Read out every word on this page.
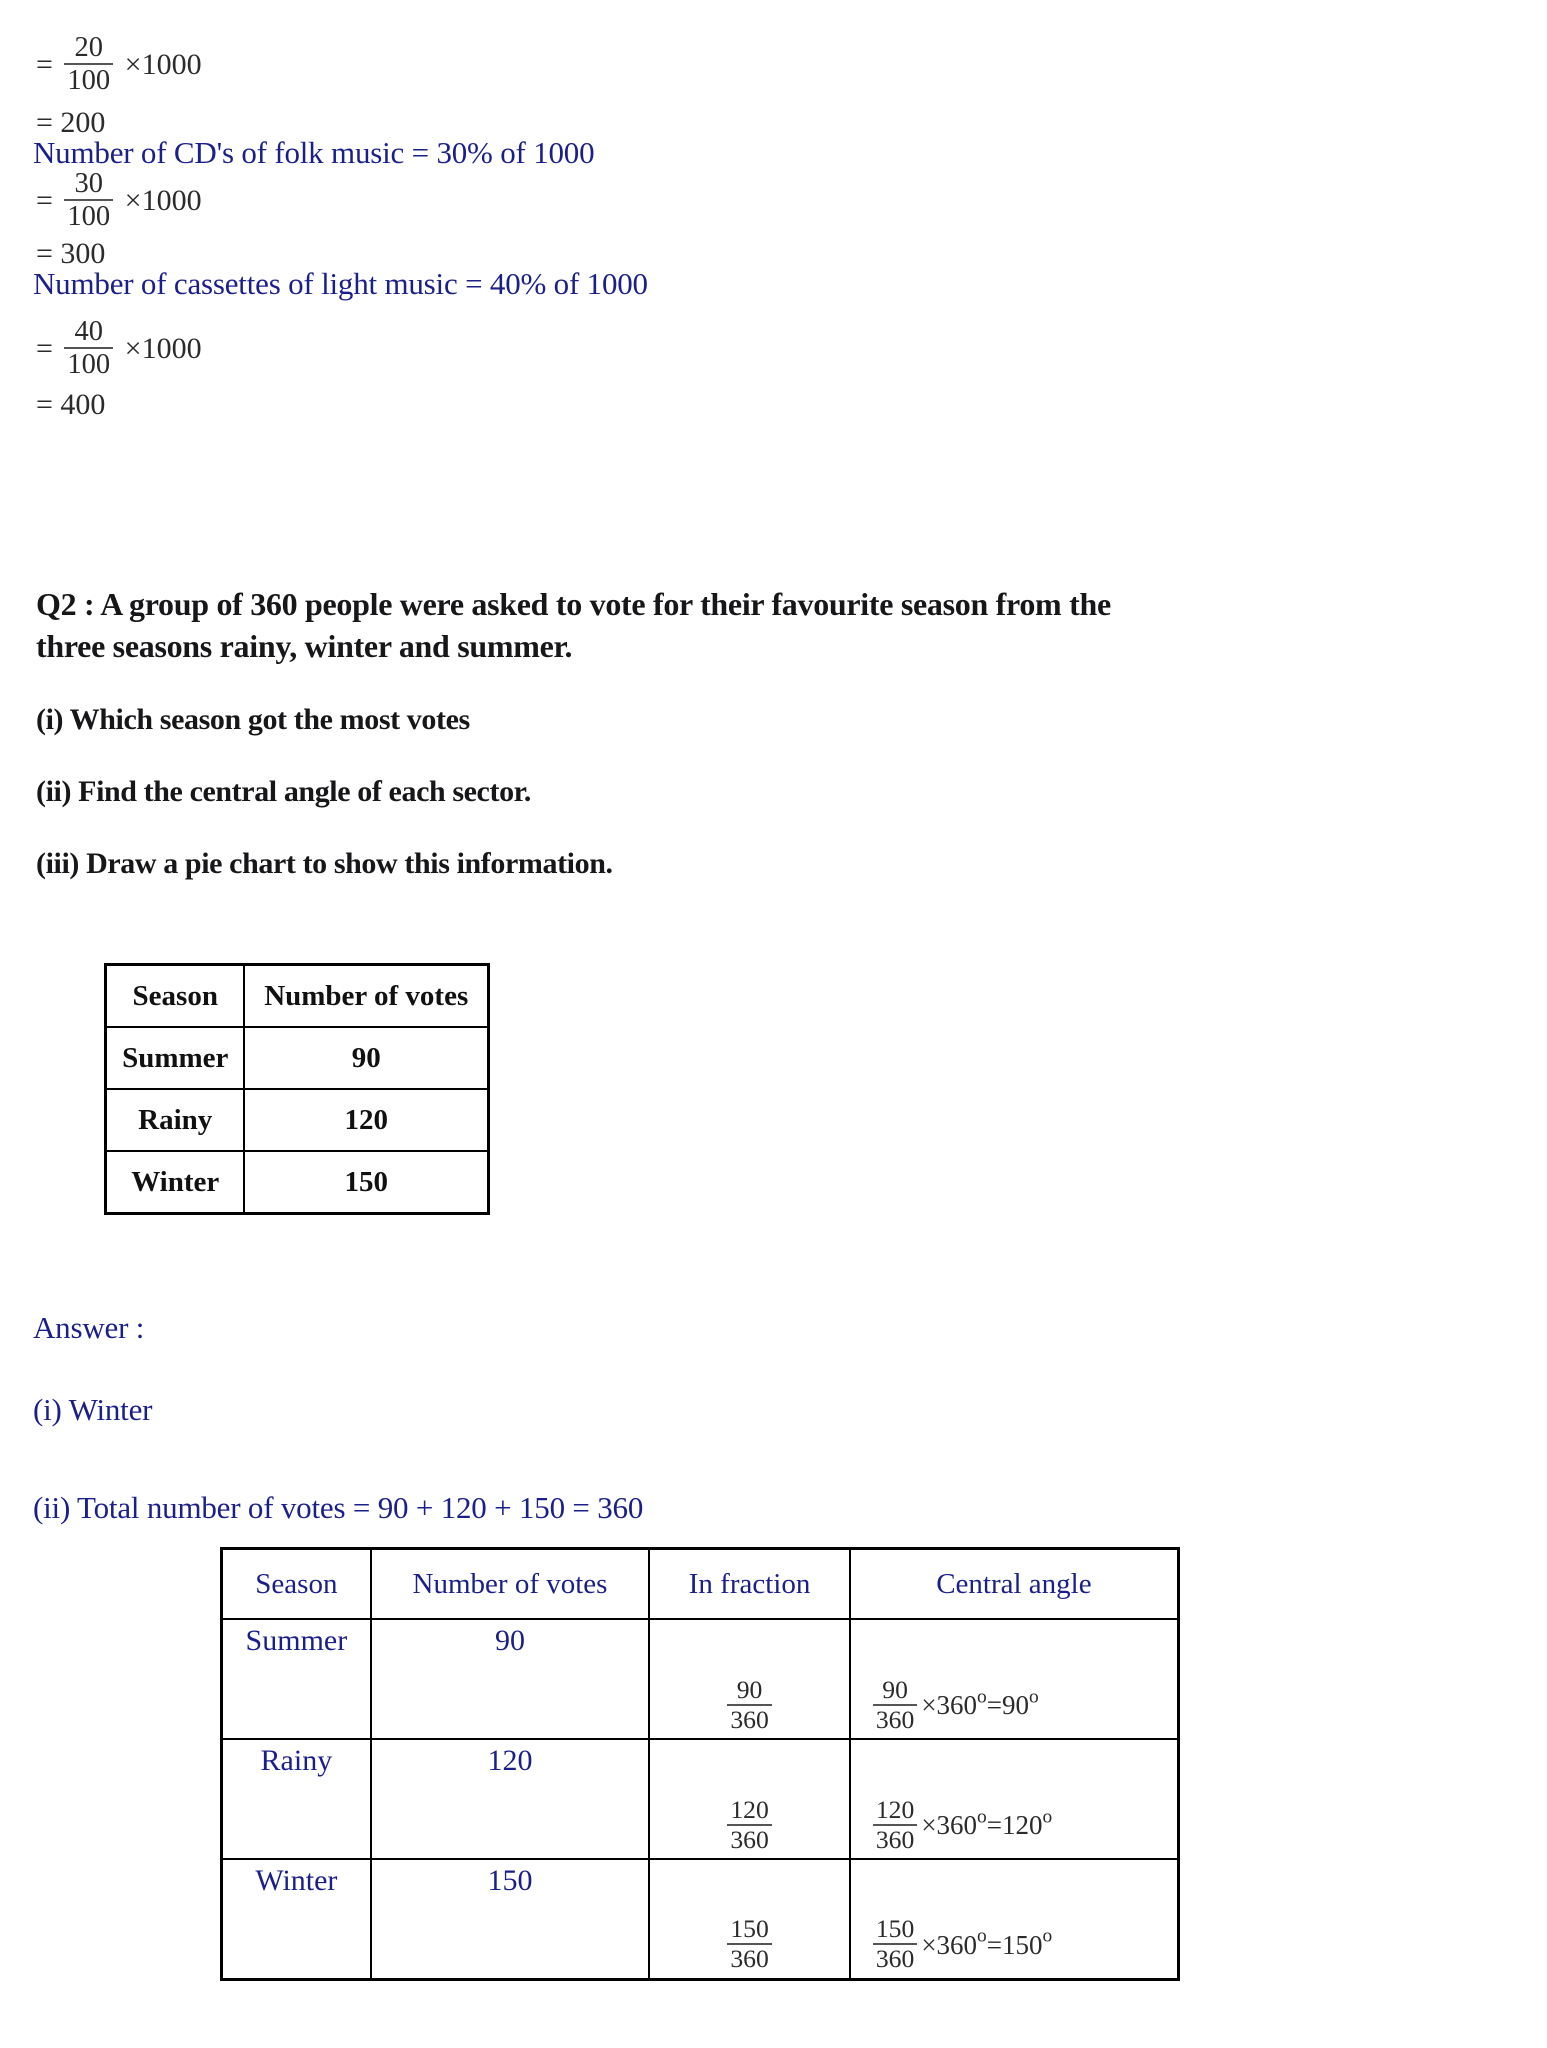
= $\frac{20}{100} \times 1000$
= 200
Number of CD's of folk music = 30% of 1000
= $\frac{30}{100} \times 1000$
= 300
Number of cassettes of light music = 40% of 1000
= $\frac{40}{100} \times 1000$
= 400
Q2 : A group of 360 people were asked to vote for their favourite season from the
three seasons rainy, winter and summer.
(i) Which season got the most votes
(ii) Find the central angle of each sector.
(iii) Draw a pie chart to show this information.
Season	Number of votes
Summer	90
Rainy	120
Winter	150
Answer :
(i) Winter
(ii) Total number of votes = 90 + 120 + 150 = 360
Season	Number of votes	In fraction	Central angle
Summer	90	$\frac{90}{360}$	$\frac{90}{360} \times 360^o=90^o$
Rainy	120	$\frac{120}{360}$	$\frac{120}{360} \times 360^o=120^o$
Winter	150	$\frac{150}{360}$	$\frac{150}{360} \times 360^o=150^o$
